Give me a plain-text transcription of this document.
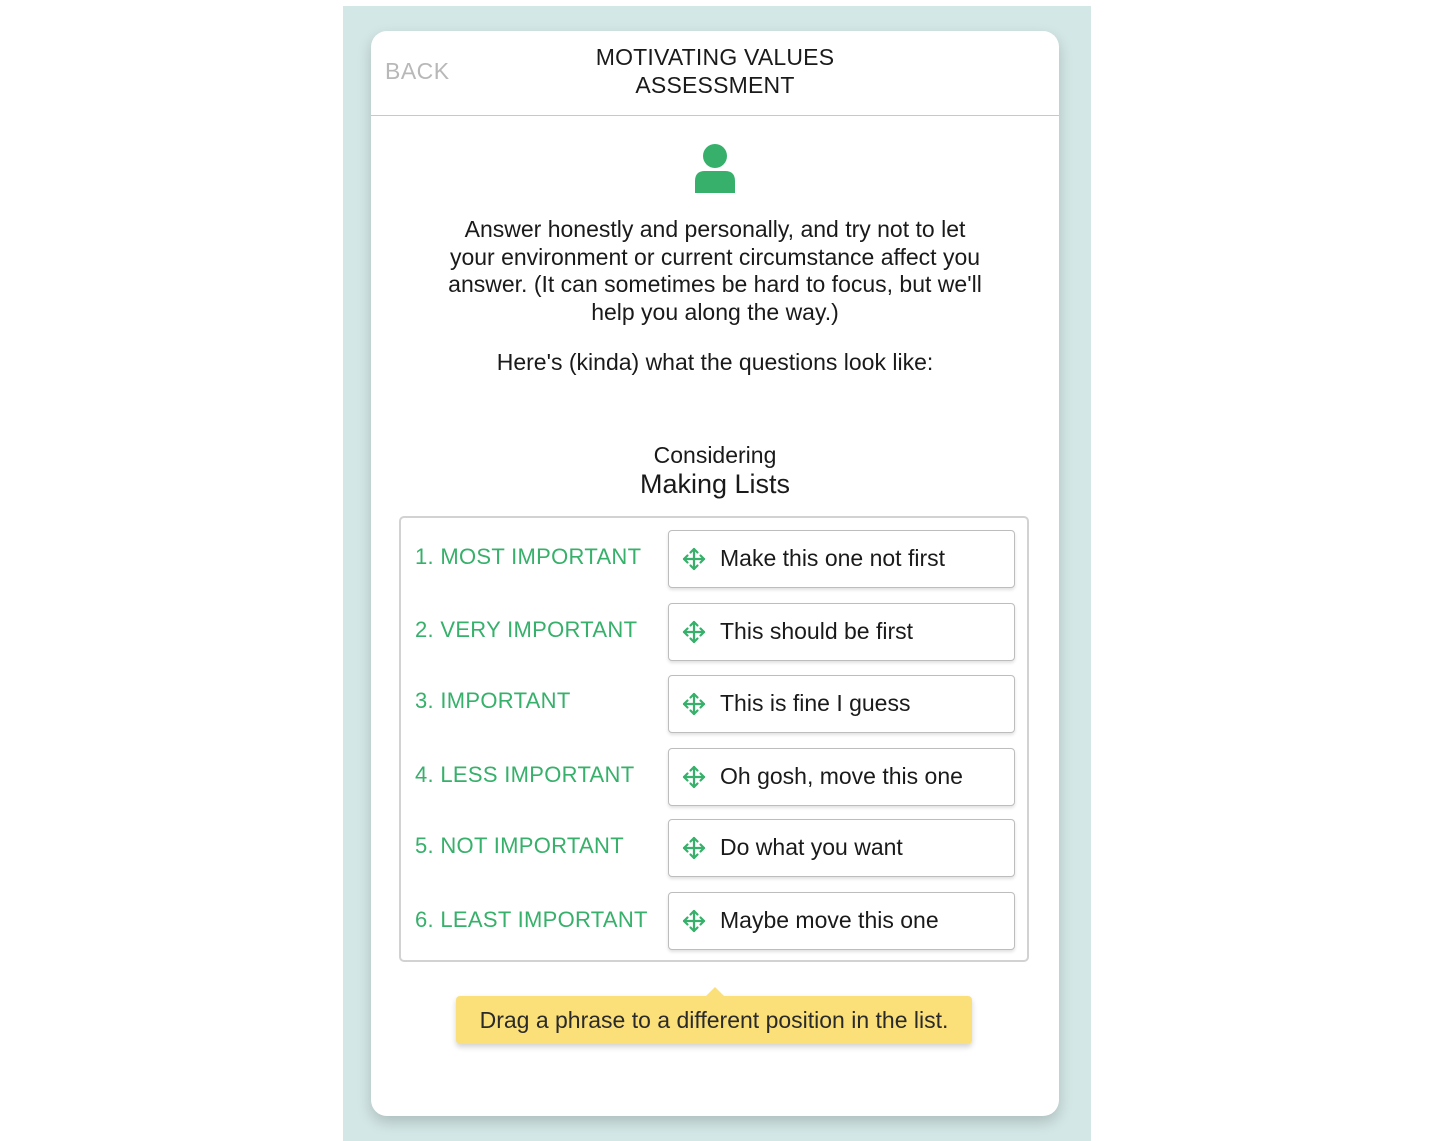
BACK
MOTIVATING VALUES ASSESSMENT

Answer honestly and personally, and try not to let your environment or current circumstance affect you answer. (It can sometimes be hard to focus, but we'll help you along the way.)

Here's (kinda) what the questions look like:

Considering
Making Lists
1. MOST IMPORTANT
2. VERY IMPORTANT
3. IMPORTANT
4. LESS IMPORTANT
5. NOT IMPORTANT
6. LEAST IMPORTANT
Make this one not first
This should be first
This is fine I guess
Oh gosh, move this one
Do what you want
Maybe move this one
Drag a phrase to a different position in the list.
